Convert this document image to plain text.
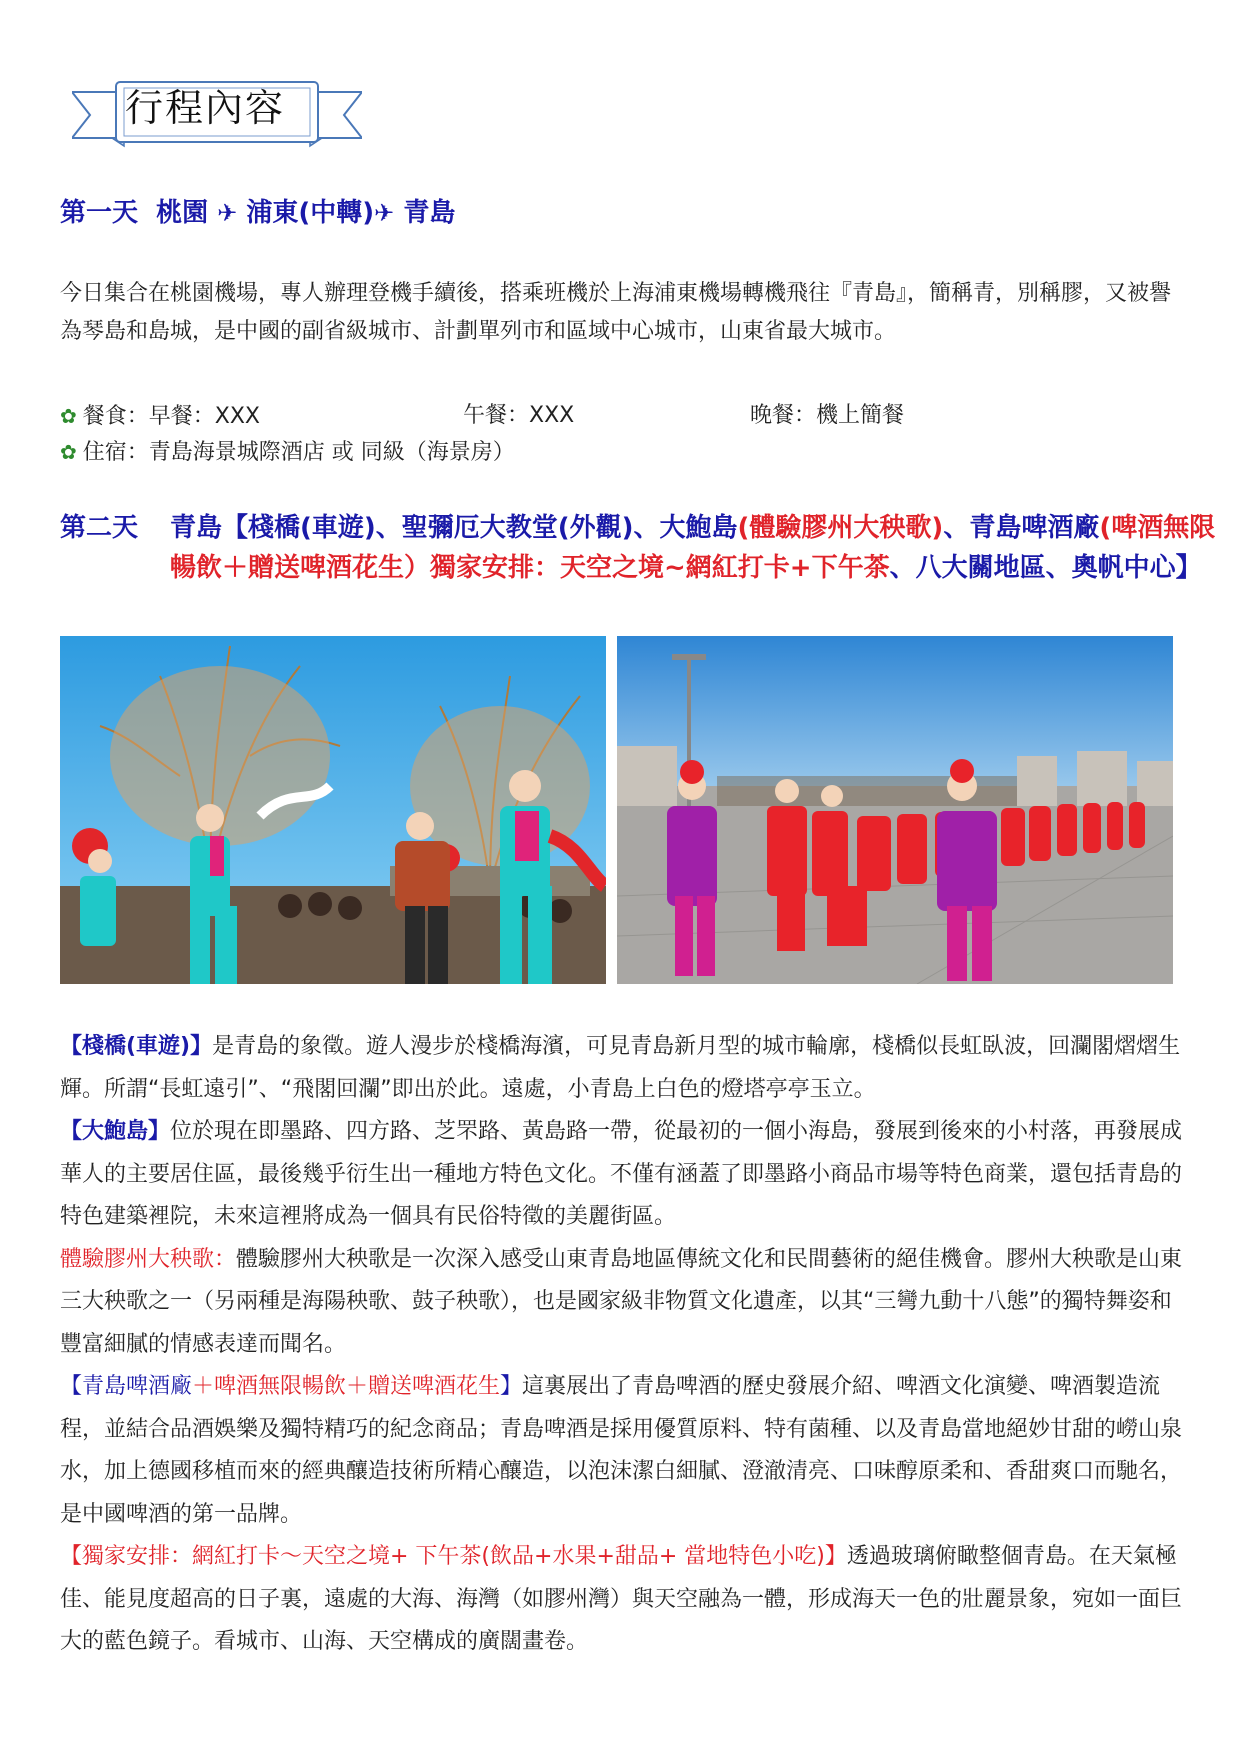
行程內容
第一天 桃園 ✈ 浦東(中轉)✈ 青島
今日集合在桃園機場，專人辦理登機手續後，搭乘班機於上海浦東機場轉機飛往『青島』，簡稱青，別稱膠，又被譽為琴島和島城，是中國的副省級城市、計劃單列市和區域中心城市，山東省最大城市。
✿ 餐食：早餐：XXX	午餐：XXX	晚餐：機上簡餐
✿ 住宿：青島海景城際酒店 或 同級（海景房）
第二天	青島【棧橋(車遊)、聖彌厄大教堂(外觀)、大鮑島(體驗膠州大秧歌)、青島啤酒廠(啤酒無限暢飲＋贈送啤酒花生）獨家安排：天空之境~網紅打卡+下午茶、八大關地區、奧帆中心】
【棧橋(車遊)】是青島的象徵。遊人漫步於棧橋海濱，可見青島新月型的城市輪廓，棧橋似長虹臥波，回瀾閣熠熠生輝。所謂“長虹遠引”、“飛閣回瀾”即出於此。遠處，小青島上白色的燈塔亭亭玉立。
【大鮑島】位於現在即墨路、四方路、芝罘路、黃島路一帶，從最初的一個小海島，發展到後來的小村落，再發展成華人的主要居住區，最後幾乎衍生出一種地方特色文化。不僅有涵蓋了即墨路小商品市場等特色商業，還包括青島的特色建築裡院，未來這裡將成為一個具有民俗特徵的美麗街區。
體驗膠州大秧歌：體驗膠州大秧歌是一次深入感受山東青島地區傳統文化和民間藝術的絕佳機會。膠州大秧歌是山東三大秧歌之一（另兩種是海陽秧歌、鼓子秧歌），也是國家級非物質文化遺產，以其“三彎九動十八態”的獨特舞姿和豐富細膩的情感表達而聞名。
【青島啤酒廠＋啤酒無限暢飲＋贈送啤酒花生】這裏展出了青島啤酒的歷史發展介紹、啤酒文化演變、啤酒製造流程，並結合品酒娛樂及獨特精巧的紀念商品；青島啤酒是採用優質原料、特有菌種、以及青島當地絕妙甘甜的嶗山泉水，加上德國移植而來的經典釀造技術所精心釀造，以泡沫潔白細膩、澄澈清亮、口味醇原柔和、香甜爽口而馳名，是中國啤酒的第一品牌。
【獨家安排：網紅打卡～天空之境+ 下午茶(飲品+水果+甜品+ 當地特色小吃)】透過玻璃俯瞰整個青島。在天氣極佳、能見度超高的日子裏，遠處的大海、海灣（如膠州灣）與天空融為一體，形成海天一色的壯麗景象，宛如一面巨大的藍色鏡子。看城市、山海、天空構成的廣闊畫卷。
